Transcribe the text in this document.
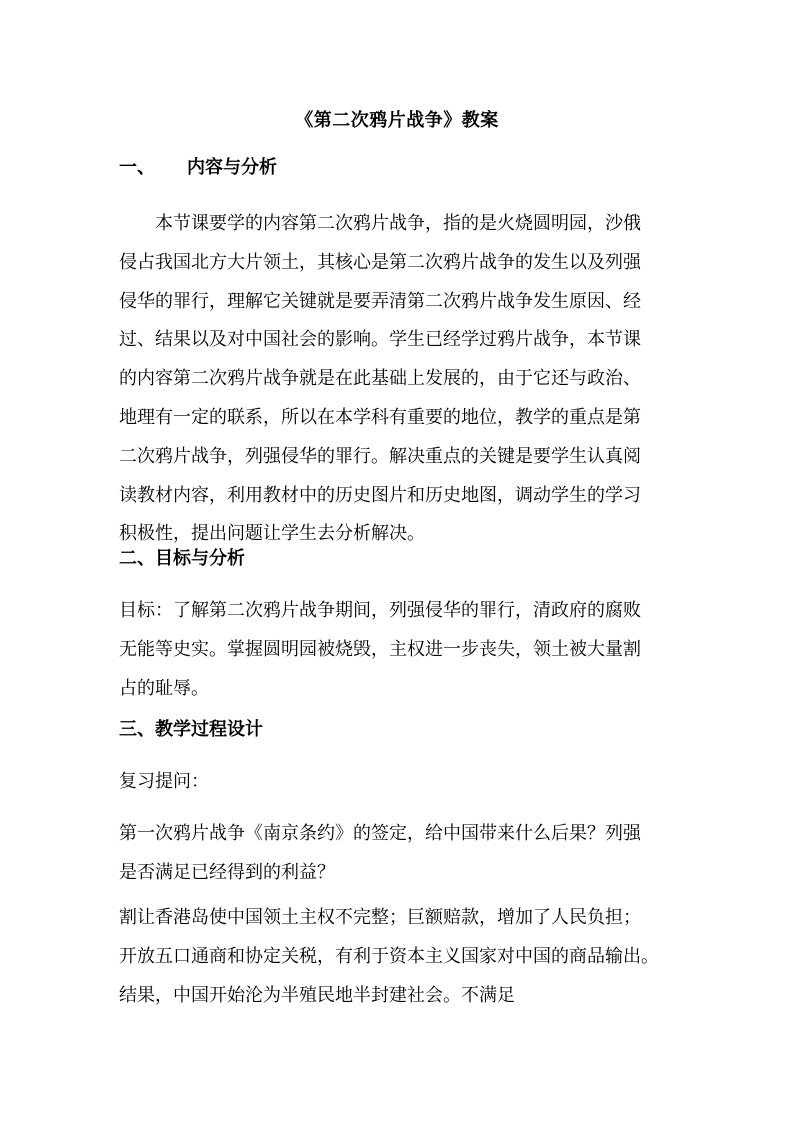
《第二次鸦片战争》教案
一、 内容与分析
本节课要学的内容第二次鸦片战争，指的是火烧圆明园，沙俄
侵占我国北方大片领土，其核心是第二次鸦片战争的发生以及列强
侵华的罪行，理解它关键就是要弄清第二次鸦片战争发生原因、经
过、结果以及对中国社会的影响。学生已经学过鸦片战争，本节课
的内容第二次鸦片战争就是在此基础上发展的，由于它还与政治、
地理有一定的联系，所以在本学科有重要的地位，教学的重点是第
二次鸦片战争，列强侵华的罪行。解决重点的关键是要学生认真阅
读教材内容，利用教材中的历史图片和历史地图，调动学生的学习
积极性，提出问题让学生去分析解决。
二、目标与分析
目标：了解第二次鸦片战争期间，列强侵华的罪行，清政府的腐败
无能等史实。掌握圆明园被烧毁，主权进一步丧失，领土被大量割
占的耻辱。
三、教学过程设计
复习提问：
第一次鸦片战争《南京条约》的签定，给中国带来什么后果？列强
是否满足已经得到的利益？
割让香港岛使中国领土主权不完整；巨额赔款，增加了人民负担；
开放五口通商和协定关税，有利于资本主义国家对中国的商品输出。
结果，中国开始沦为半殖民地半封建社会。不满足
